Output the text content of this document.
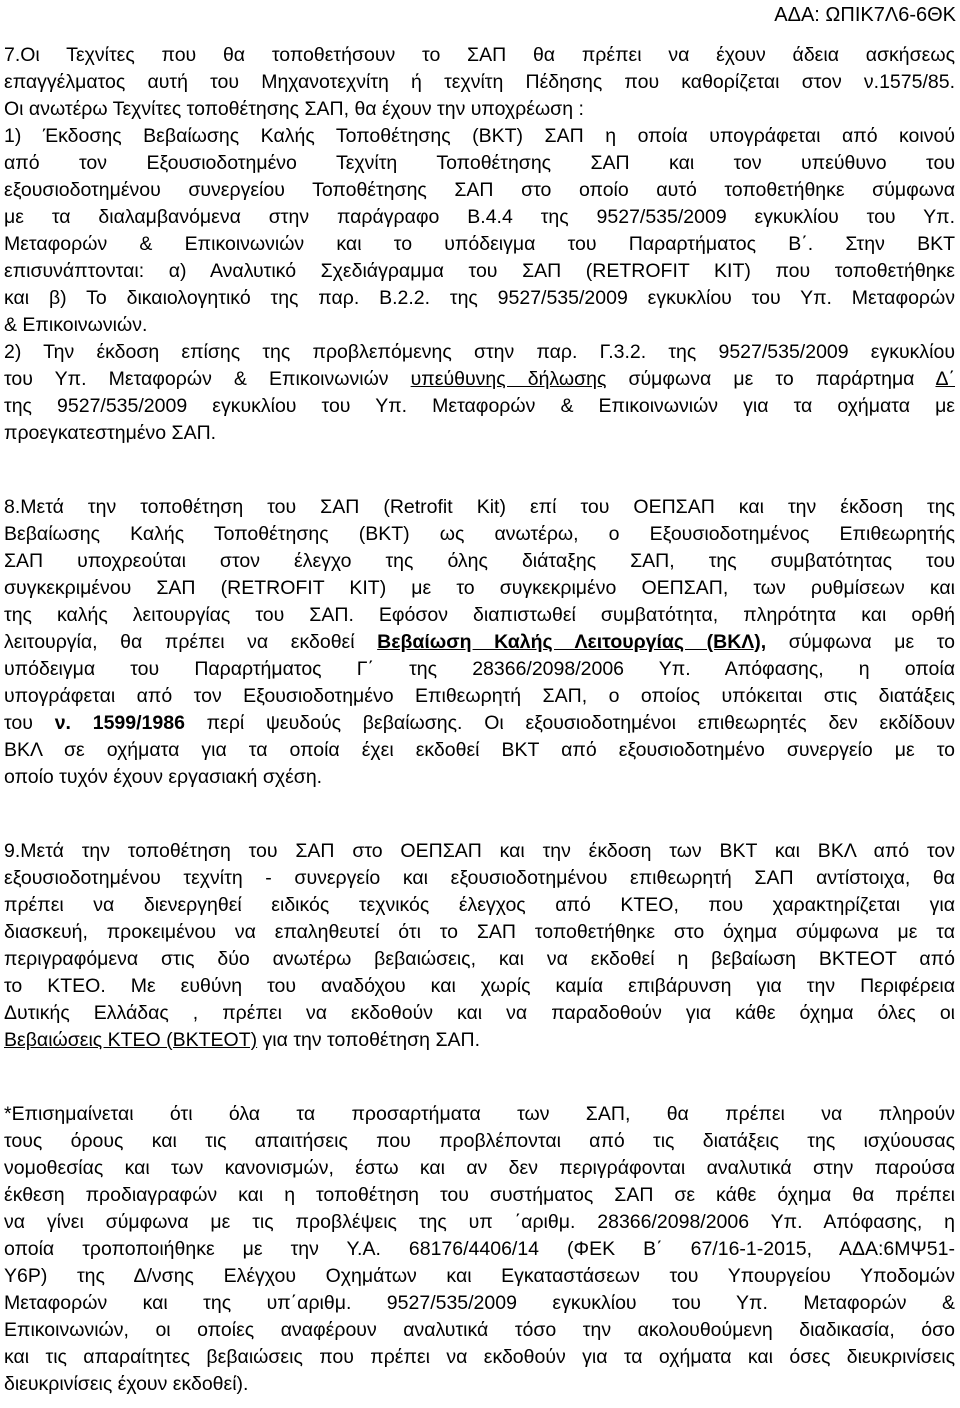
ΑΔΑ: ΩΠΙΚ7Λ6-6ΘΚ
7.Οι Τεχνίτες που θα τοποθετήσουν το ΣΑΠ θα πρέπει να έχουν άδεια ασκήσεως
επαγγέλματος αυτή του Μηχανοτεχνίτη ή τεχνίτη Πέδησης που καθορίζεται στον ν.1575/85.
Οι ανωτέρω Τεχνίτες τοποθέτησης ΣΑΠ, θα έχουν την υποχρέωση :
1) Έκδοσης Βεβαίωσης Καλής Τοποθέτησης (ΒΚΤ) ΣΑΠ η οποία υπογράφεται από κοινού
από τον Εξουσιοδοτημένο Τεχνίτη Τοποθέτησης ΣΑΠ και τον υπεύθυνο του
εξουσιοδοτημένου συνεργείου Τοποθέτησης ΣΑΠ στο οποίο αυτό τοποθετήθηκε σύμφωνα
με τα διαλαμβανόμενα στην παράγραφο Β.4.4 της 9527/535/2009 εγκυκλίου του Υπ.
Μεταφορών & Επικοινωνιών και το υπόδειγμα του Παραρτήματος Β΄. Στην ΒΚΤ
επισυνάπτονται: α) Αναλυτικό Σχεδιάγραμμα του ΣΑΠ (RETROFIT KIT) που τοποθετήθηκε
και β) Το δικαιολογητικό της παρ. Β.2.2. της 9527/535/2009 εγκυκλίου του Υπ. Μεταφορών
& Επικοινωνιών.
2) Την έκδοση επίσης της προβλεπόμενης στην παρ. Γ.3.2. της 9527/535/2009 εγκυκλίου
του Υπ. Μεταφορών & Επικοινωνιών υπεύθυνης δήλωσης σύμφωνα με το παράρτημα Δ΄
της 9527/535/2009 εγκυκλίου του Υπ. Μεταφορών & Επικοινωνιών για τα οχήματα με
προεγκατεστημένο ΣΑΠ.
8.Μετά την τοποθέτηση του ΣΑΠ (Retrofit Kit) επί του ΟΕΠΣΑΠ και την έκδοση της
Βεβαίωσης Καλής Τοποθέτησης (ΒΚΤ) ως ανωτέρω, ο Εξουσιοδοτημένος Επιθεωρητής
ΣΑΠ υποχρεούται στον έλεγχο της όλης διάταξης ΣΑΠ, της συμβατότητας του
συγκεκριμένου ΣΑΠ (RETROFIT KIT) με το συγκεκριμένο ΟΕΠΣΑΠ, των ρυθμίσεων και
της καλής λειτουργίας του ΣΑΠ. Εφόσον διαπιστωθεί συμβατότητα, πληρότητα και ορθή
λειτουργία, θα πρέπει να εκδοθεί Βεβαίωση Καλής Λειτουργίας (ΒΚΛ), σύμφωνα με το
υπόδειγμα του Παραρτήματος Γ΄ της 28366/2098/2006 Υπ. Απόφασης, η οποία
υπογράφεται από τον Εξουσιοδοτημένο Επιθεωρητή ΣΑΠ, ο οποίος υπόκειται στις διατάξεις
του ν. 1599/1986 περί ψευδούς βεβαίωσης. Οι εξουσιοδοτημένοι επιθεωρητές δεν εκδίδουν
ΒΚΛ σε οχήματα για τα οποία έχει εκδοθεί ΒΚΤ από εξουσιοδοτημένο συνεργείο με το
οποίο τυχόν έχουν εργασιακή σχέση.
9.Μετά την τοποθέτηση του ΣΑΠ στο ΟΕΠΣΑΠ και την έκδοση των ΒΚΤ και ΒΚΛ από τον
εξουσιοδοτημένου τεχνίτη - συνεργείο και εξουσιοδοτημένου επιθεωρητή ΣΑΠ αντίστοιχα, θα
πρέπει να διενεργηθεί ειδικός τεχνικός έλεγχος από ΚΤΕΟ, που χαρακτηρίζεται για
διασκευή, προκειμένου να επαληθευτεί ότι το ΣΑΠ τοποθετήθηκε στο όχημα σύμφωνα με τα
περιγραφόμενα στις δύο ανωτέρω βεβαιώσεις, και να εκδοθεί η βεβαίωση ΒΚΤΕΟΤ από
το ΚΤΕΟ. Με ευθύνη του αναδόχου και χωρίς καμία επιβάρυνση για την Περιφέρεια
Δυτικής Ελλάδας , πρέπει να εκδοθούν και να παραδοθούν για κάθε όχημα όλες οι
Βεβαιώσεις ΚΤΕΟ (ΒΚΤΕΟΤ) για την τοποθέτηση ΣΑΠ.
*Επισημαίνεται ότι όλα τα προσαρτήματα των ΣΑΠ, θα πρέπει να πληρούν
τους όρους και τις απαιτήσεις που προβλέπονται από τις διατάξεις της ισχύουσας
νομοθεσίας και των κανονισμών, έστω και αν δεν περιγράφονται αναλυτικά στην παρούσα
έκθεση προδιαγραφών και η τοποθέτηση του συστήματος ΣΑΠ σε κάθε όχημα θα πρέπει
να γίνει σύμφωνα με τις προβλέψεις της υπ ΄αριθμ. 28366/2098/2006 Υπ. Απόφασης, η
οποία τροποποιήθηκε με την Υ.Α. 68176/4406/14 (ΦΕΚ Β΄ 67/16-1-2015, ΑΔΑ:6ΜΨ51-
Υ6Ρ) της Δ/νσης Ελέγχου Οχημάτων και Εγκαταστάσεων του Υπουργείου Υποδομών
Μεταφορών και της υπ΄αριθμ. 9527/535/2009 εγκυκλίου του Υπ. Μεταφορών &
Επικοινωνιών, οι οποίες αναφέρουν αναλυτικά τόσο την ακολουθούμενη διαδικασία, όσο
και τις απαραίτητες βεβαιώσεις που πρέπει να εκδοθούν για τα οχήματα και όσες διευκρινίσεις
διευκρινίσεις έχουν εκδοθεί).
